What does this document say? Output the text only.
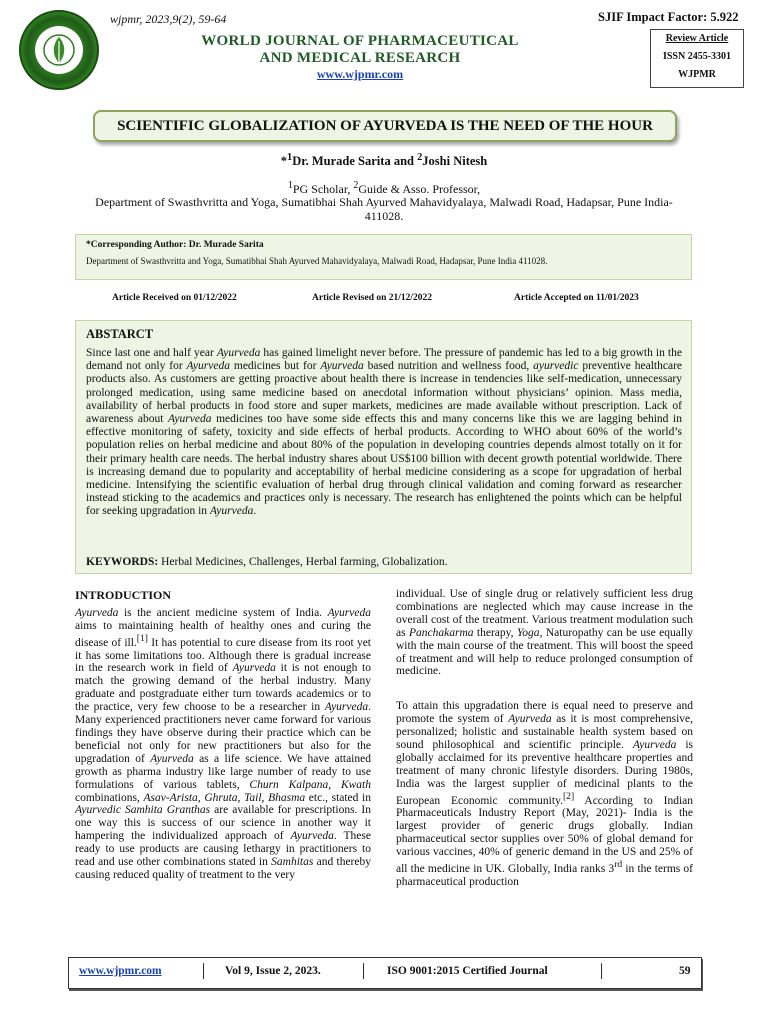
wjpmr, 2023,9(2), 59-64
WORLD JOURNAL OF PHARMACEUTICAL
AND MEDICAL RESEARCH
www.wjpmr.com
SJIF Impact Factor: 5.922
Review Article
ISSN 2455-3301
WJPMR
SCIENTIFIC GLOBALIZATION OF AYURVEDA IS THE NEED OF THE HOUR
*$^1$Dr. Murade Sarita and $^2$Joshi Nitesh
$^1$PG Scholar, $^2$Guide & Asso. Professor,
Department of Swasthvritta and Yoga, Sumatibhai Shah Ayurved Mahavidyalaya, Malwadi Road, Hadapsar, Pune India-411028.
*Corresponding Author: Dr. Murade Sarita
Department of Swasthvritta and Yoga, Sumatibhai Shah Ayurved Mahavidyalaya, Malwadi Road, Hadapsar, Pune India 411028.
Article Received on 01/12/2022	Article Revised on 21/12/2022	Article Accepted on 11/01/2023
ABSTARCT
Since last one and half year Ayurveda has gained limelight never before. The pressure of pandemic has led to a big growth in the demand not only for Ayurveda medicines but for Ayurveda based nutrition and wellness food, ayurvedic preventive healthcare products also. As customers are getting proactive about health there is increase in tendencies like self-medication, unnecessary prolonged medication, using same medicine based on anecdotal information without physicians’ opinion. Mass media, availability of herbal products in food store and super markets, medicines are made available without prescription. Lack of awareness about Ayurveda medicines too have some side effects this and many concerns like this we are lagging behind in effective monitoring of safety, toxicity and side effects of herbal products. According to WHO about 60% of the world’s population relies on herbal medicine and about 80% of the population in developing countries depends almost totally on it for their primary health care needs. The herbal industry shares about US$100 billion with decent growth potential worldwide. There is increasing demand due to popularity and acceptability of herbal medicine considering as a scope for upgradation of herbal medicine. Intensifying the scientific evaluation of herbal drug through clinical validation and coming forward as researcher instead sticking to the academics and practices only is necessary. The research has enlightened the points which can be helpful for seeking upgradation in Ayurveda.
KEYWORDS: Herbal Medicines, Challenges, Herbal farming, Globalization.
INTRODUCTION

Ayurveda is the ancient medicine system of India. Ayurveda aims to maintaining health of healthy ones and curing the disease of ill.[1] It has potential to cure disease from its root yet it has some limitations too. Although there is gradual increase in the research work in field of Ayurveda it is not enough to match the growing demand of the herbal industry. Many graduate and postgraduate either turn towards academics or to the practice, very few choose to be a researcher in Ayurveda. Many experienced practitioners never came forward for various findings they have observe during their practice which can be beneficial not only for new practitioners but also for the upgradation of Ayurveda as a life science. We have attained growth as pharma industry like large number of ready to use formulations of various tablets, Churn Kalpana, Kwath combinations, Asav-Arista, Ghruta, Tail, Bhasma etc., stated in Ayurvedic Samhita Granthas are available for prescriptions. In one way this is success of our science in another way it hampering the individualized approach of Ayurveda. These ready to use products are causing lethargy in practitioners to read and use other combinations stated in Samhitas and thereby causing reduced quality of treatment to the very

individual. Use of single drug or relatively sufficient less drug combinations are neglected which may cause increase in the overall cost of the treatment. Various treatment modulation such as Panchakarma therapy, Yoga, Naturopathy can be use equally with the main course of the treatment. This will boost the speed of treatment and will help to reduce prolonged consumption of medicine.

To attain this upgradation there is equal need to preserve and promote the system of Ayurveda as it is most comprehensive, personalized; holistic and sustainable health system based on sound philosophical and scientific principle. Ayurveda is globally acclaimed for its preventive healthcare properties and treatment of many chronic lifestyle disorders. During 1980s, India was the largest supplier of medicinal plants to the European Economic community.[2] According to Indian Pharmaceuticals Industry Report (May, 2021)- India is the largest provider of generic drugs globally. Indian pharmaceutical sector supplies over 50% of global demand for various vaccines, 40% of generic demand in the US and 25% of all the medicine in UK. Globally, India ranks 3rd in the terms of pharmaceutical production

www.wjpmr.com	│ Vol 9, Issue 2, 2023.	│ ISO 9001:2015 Certified Journal	│	59
